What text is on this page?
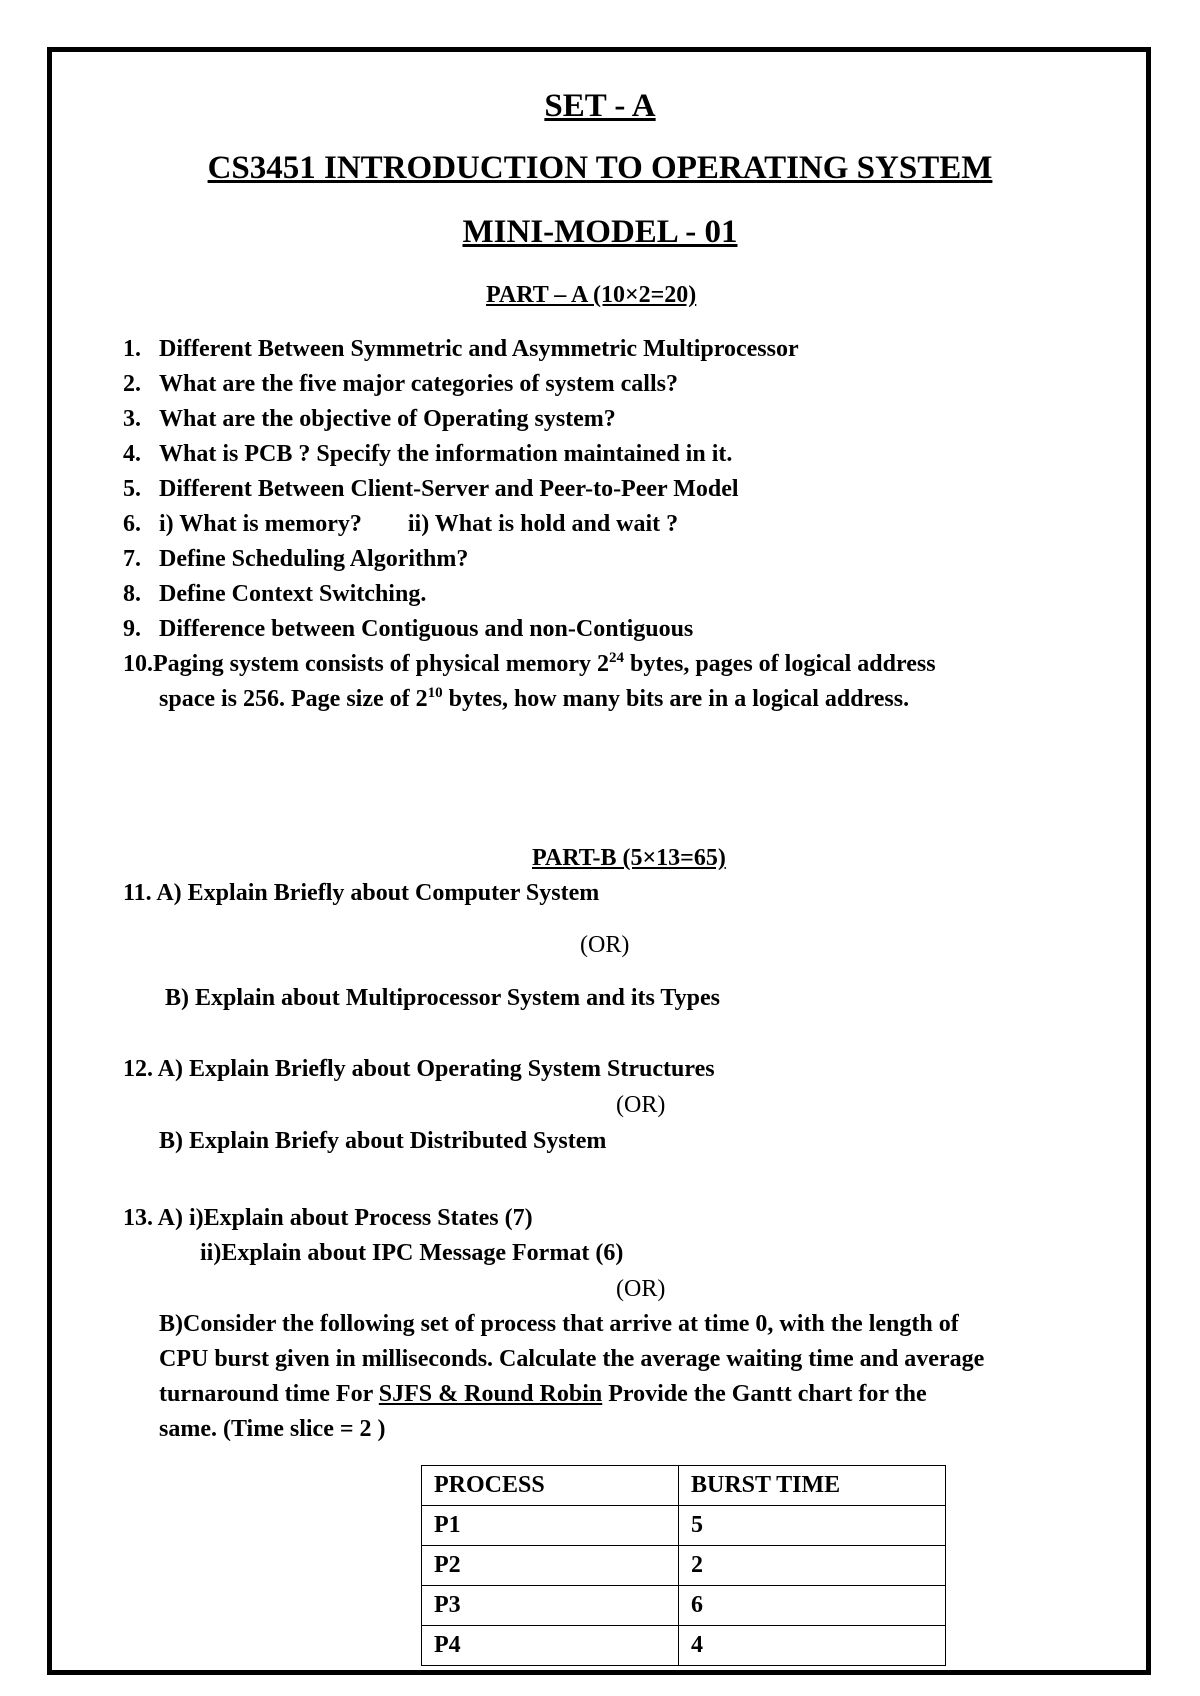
SET - A
CS3451 INTRODUCTION TO OPERATING SYSTEM
MINI-MODEL - 01
PART – A (10×2=20)
1. Different Between Symmetric and Asymmetric Multiprocessor
2. What are the five major categories of system calls?
3. What are the objective of Operating system?
4. What is PCB ? Specify the information maintained in it.
5. Different Between Client-Server and Peer-to-Peer Model
6. i) What is memory? ii) What is hold and wait ?
7. Define Scheduling Algorithm?
8. Define Context Switching.
9. Difference between Contiguous and non-Contiguous
10.Paging system consists of physical memory $2^{24}$ bytes, pages of logical address
space is 256. Page size of $2^{10}$ bytes, how many bits are in a logical address.
PART-B (5×13=65)
11. A) Explain Briefly about Computer System
(OR)
B) Explain about Multiprocessor System and its Types
12. A) Explain Briefly about Operating System Structures
(OR)
B) Explain Briefy about Distributed System
13. A) i)Explain about Process States (7)
ii)Explain about IPC Message Format (6)
(OR)
B)Consider the following set of process that arrive at time 0, with the length of
CPU burst given in milliseconds. Calculate the average waiting time and average
turnaround time For SJFS & Round Robin Provide the Gantt chart for the
same. (Time slice = 2 )
PROCESS	BURST TIME
P1	5
P2	2
P3	6
P4	4
